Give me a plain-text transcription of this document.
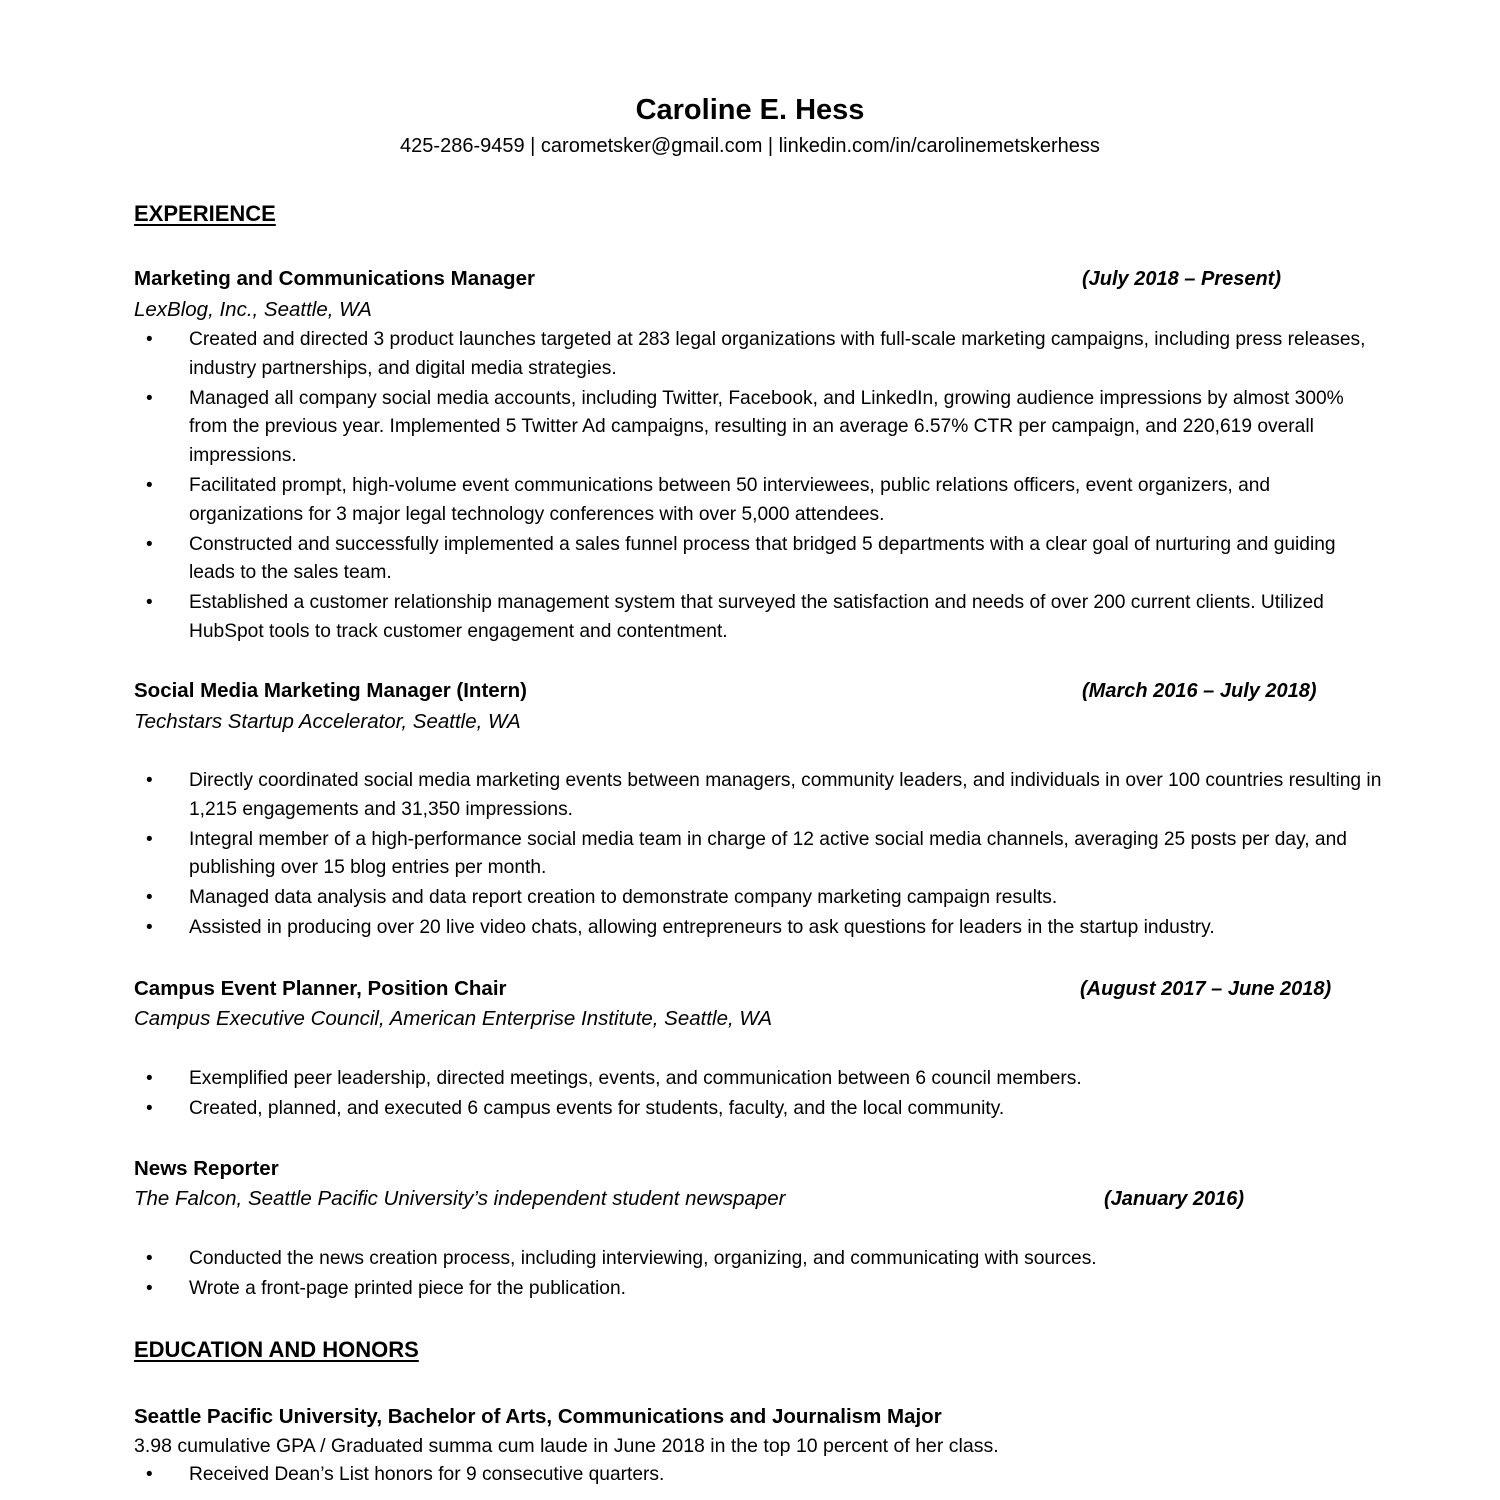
Caroline E. Hess
425-286-9459 | carometsker@gmail.com | linkedin.com/in/carolinemetskerhess
EXPERIENCE
Marketing and Communications Manager	(July 2018 – Present)
LexBlog, Inc., Seattle, WA
• Created and directed 3 product launches targeted at 283 legal organizations with full-scale marketing campaigns, including press releases, industry partnerships, and digital media strategies.
• Managed all company social media accounts, including Twitter, Facebook, and LinkedIn, growing audience impressions by almost 300% from the previous year. Implemented 5 Twitter Ad campaigns, resulting in an average 6.57% CTR per campaign, and 220,619 overall impressions.
• Facilitated prompt, high-volume event communications between 50 interviewees, public relations officers, event organizers, and organizations for 3 major legal technology conferences with over 5,000 attendees.
• Constructed and successfully implemented a sales funnel process that bridged 5 departments with a clear goal of nurturing and guiding leads to the sales team.
• Established a customer relationship management system that surveyed the satisfaction and needs of over 200 current clients. Utilized HubSpot tools to track customer engagement and contentment.
Social Media Marketing Manager (Intern)	(March 2016 – July 2018)
Techstars Startup Accelerator, Seattle, WA
• Directly coordinated social media marketing events between managers, community leaders, and individuals in over 100 countries resulting in 1,215 engagements and 31,350 impressions.
• Integral member of a high-performance social media team in charge of 12 active social media channels, averaging 25 posts per day, and publishing over 15 blog entries per month.
• Managed data analysis and data report creation to demonstrate company marketing campaign results.
• Assisted in producing over 20 live video chats, allowing entrepreneurs to ask questions for leaders in the startup industry.
Campus Event Planner, Position Chair	(August 2017 – June 2018)
Campus Executive Council, American Enterprise Institute, Seattle, WA
• Exemplified peer leadership, directed meetings, events, and communication between 6 council members.
• Created, planned, and executed 6 campus events for students, faculty, and the local community.
News Reporter
The Falcon, Seattle Pacific University’s independent student newspaper	(January 2016)
• Conducted the news creation process, including interviewing, organizing, and communicating with sources.
• Wrote a front-page printed piece for the publication.
EDUCATION AND HONORS
Seattle Pacific University, Bachelor of Arts, Communications and Journalism Major
3.98 cumulative GPA / Graduated summa cum laude in June 2018 in the top 10 percent of her class.
• Received Dean’s List honors for 9 consecutive quarters.
